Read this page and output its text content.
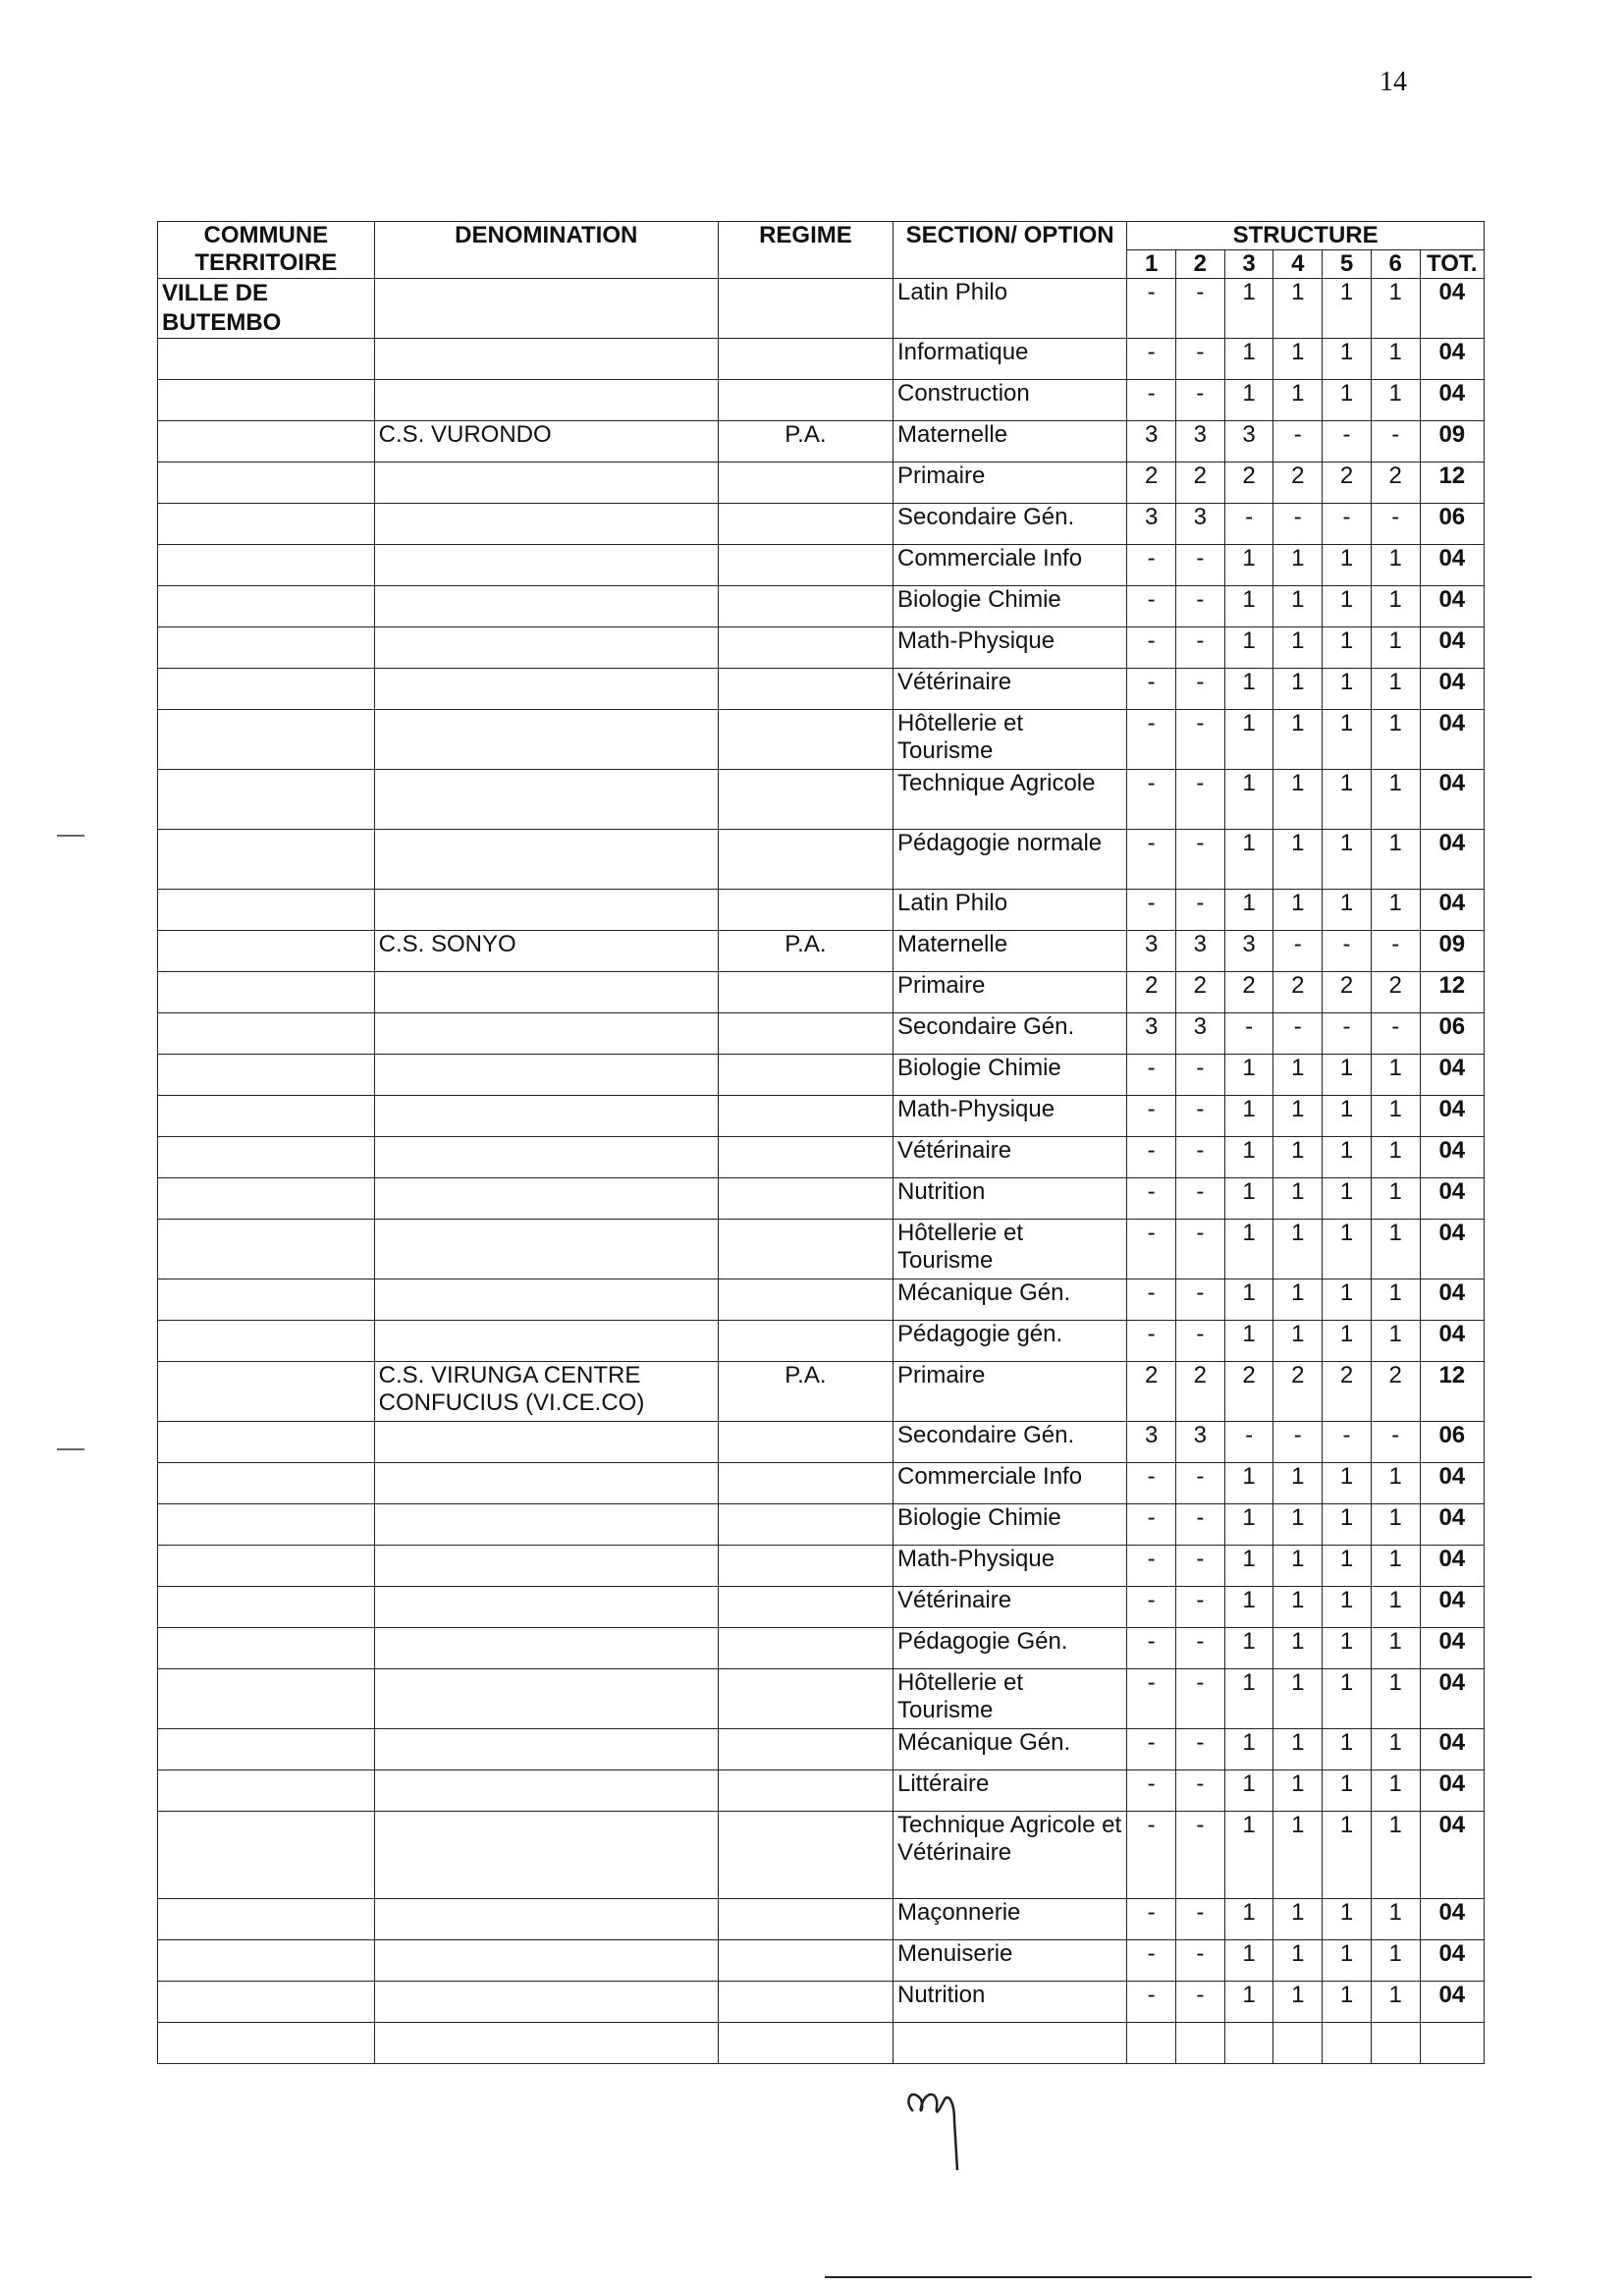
14
COMMUNE TERRITOIRE	DENOMINATION	REGIME	SECTION/ OPTION	STRUCTURE						
				1	2	3	4	5	6	TOT.
VILLE DE BUTEMBO			Latin Philo	-	-	1	1	1	1	04
			Informatique	-	-	1	1	1	1	04
			Construction	-	-	1	1	1	1	04
	C.S. VURONDO	P.A.	Maternelle	3	3	3	-	-	-	09
			Primaire	2	2	2	2	2	2	12
			Secondaire Gén.	3	3	-	-	-	-	06
			Commerciale Info	-	-	1	1	1	1	04
			Biologie Chimie	-	-	1	1	1	1	04
			Math-Physique	-	-	1	1	1	1	04
			Vétérinaire	-	-	1	1	1	1	04
			Hôtellerie et Tourisme	-	-	1	1	1	1	04
			Technique Agricole	-	-	1	1	1	1	04
			Pédagogie normale	-	-	1	1	1	1	04
			Latin Philo	-	-	1	1	1	1	04
	C.S. SONYO	P.A.	Maternelle	3	3	3	-	-	-	09
			Primaire	2	2	2	2	2	2	12
			Secondaire Gén.	3	3	-	-	-	-	06
			Biologie Chimie	-	-	1	1	1	1	04
			Math-Physique	-	-	1	1	1	1	04
			Vétérinaire	-	-	1	1	1	1	04
			Nutrition	-	-	1	1	1	1	04
			Hôtellerie et Tourisme	-	-	1	1	1	1	04
			Mécanique Gén.	-	-	1	1	1	1	04
			Pédagogie gén.	-	-	1	1	1	1	04
	C.S. VIRUNGA CENTRE CONFUCIUS (VI.CE.CO)	P.A.	Primaire	2	2	2	2	2	2	12
			Secondaire Gén.	3	3	-	-	-	-	06
			Commerciale Info	-	-	1	1	1	1	04
			Biologie Chimie	-	-	1	1	1	1	04
			Math-Physique	-	-	1	1	1	1	04
			Vétérinaire	-	-	1	1	1	1	04
			Pédagogie Gén.	-	-	1	1	1	1	04
			Hôtellerie et Tourisme	-	-	1	1	1	1	04
			Mécanique Gén.	-	-	1	1	1	1	04
			Littéraire	-	-	1	1	1	1	04
			Technique Agricole et Vétérinaire	-	-	1	1	1	1	04
			Maçonnerie	-	-	1	1	1	1	04
			Menuiserie	-	-	1	1	1	1	04
			Nutrition	-	-	1	1	1	1	04
